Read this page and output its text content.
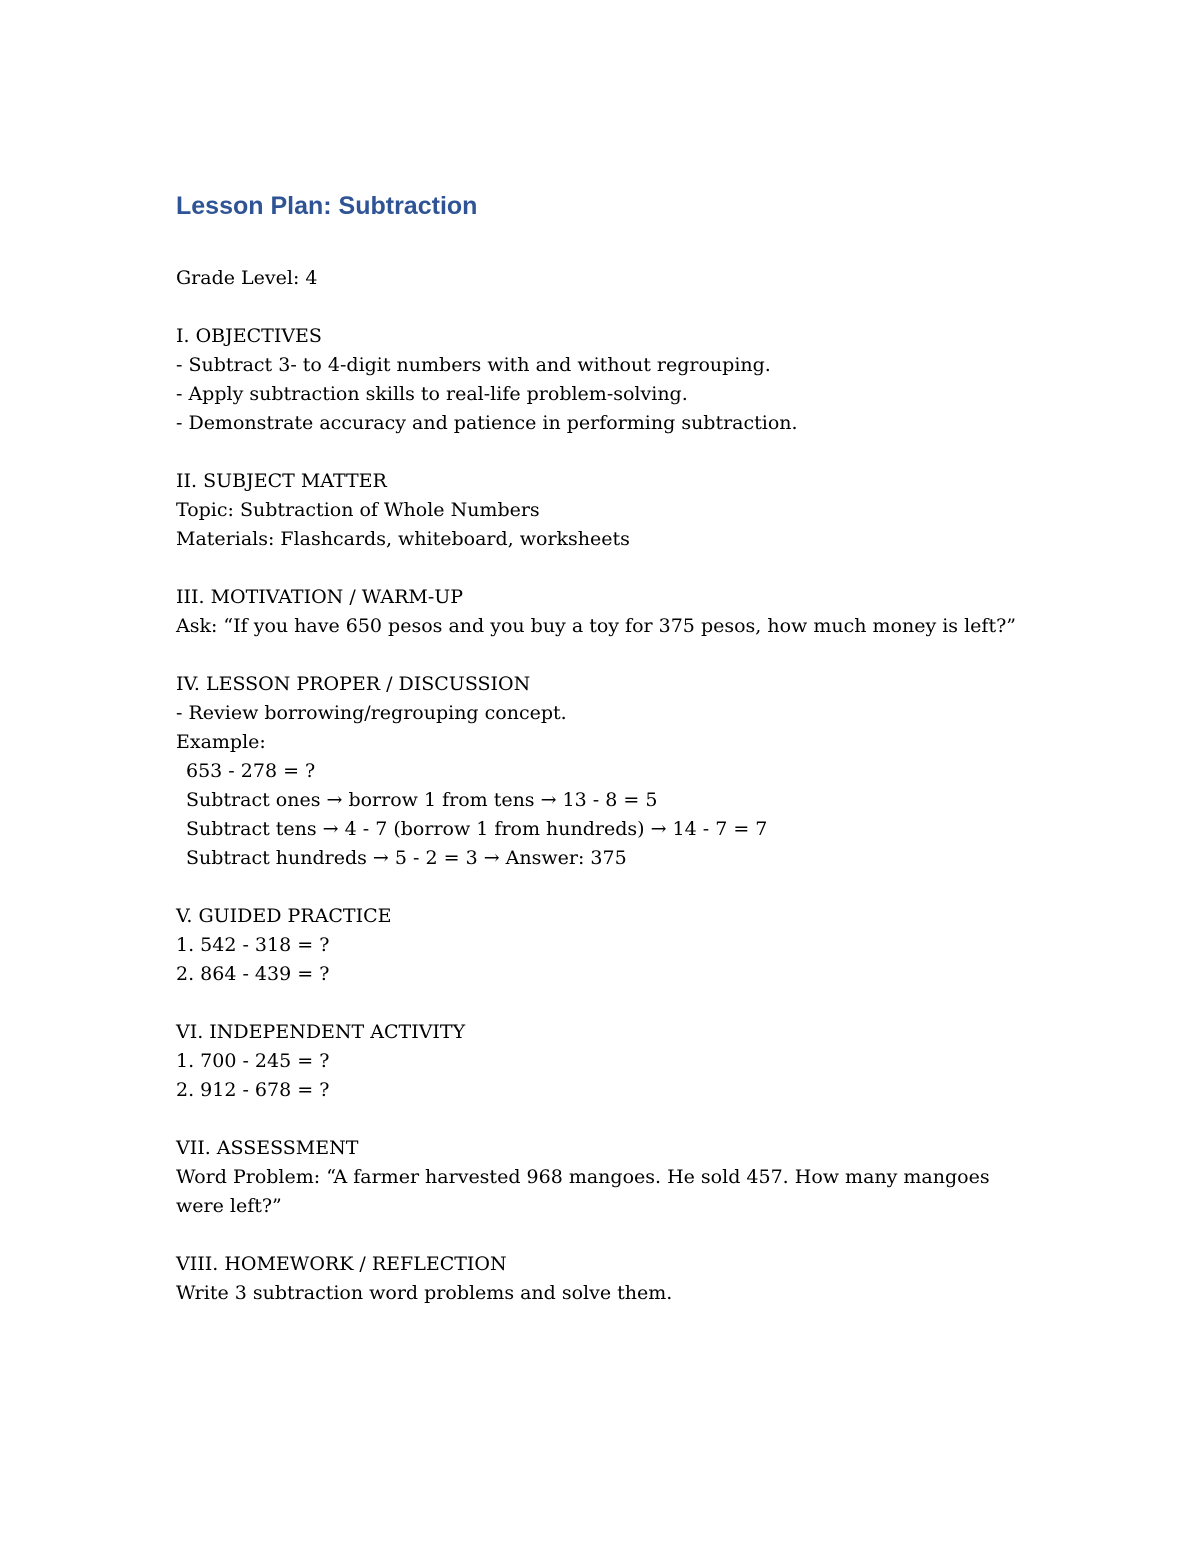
Lesson Plan: Subtraction

Grade Level: 4

I. OBJECTIVES

- Subtract 3- to 4-digit numbers with and without regrouping.

- Apply subtraction skills to real-life problem-solving.

- Demonstrate accuracy and patience in performing subtraction.

II. SUBJECT MATTER

Topic: Subtraction of Whole Numbers

Materials: Flashcards, whiteboard, worksheets

III. MOTIVATION / WARM-UP

Ask: “If you have 650 pesos and you buy a toy for 375 pesos, how much money is left?”

IV. LESSON PROPER / DISCUSSION

- Review borrowing/regrouping concept.

Example:

653 - 278 = ?

Subtract ones → borrow 1 from tens → 13 - 8 = 5

Subtract tens → 4 - 7 (borrow 1 from hundreds) → 14 - 7 = 7

Subtract hundreds → 5 - 2 = 3 → Answer: 375

V. GUIDED PRACTICE

1. 542 - 318 = ?

2. 864 - 439 = ?

VI. INDEPENDENT ACTIVITY

1. 700 - 245 = ?

2. 912 - 678 = ?

VII. ASSESSMENT

Word Problem: “A farmer harvested 968 mangoes. He sold 457. How many mangoes were left?”

VIII. HOMEWORK / REFLECTION

Write 3 subtraction word problems and solve them.
